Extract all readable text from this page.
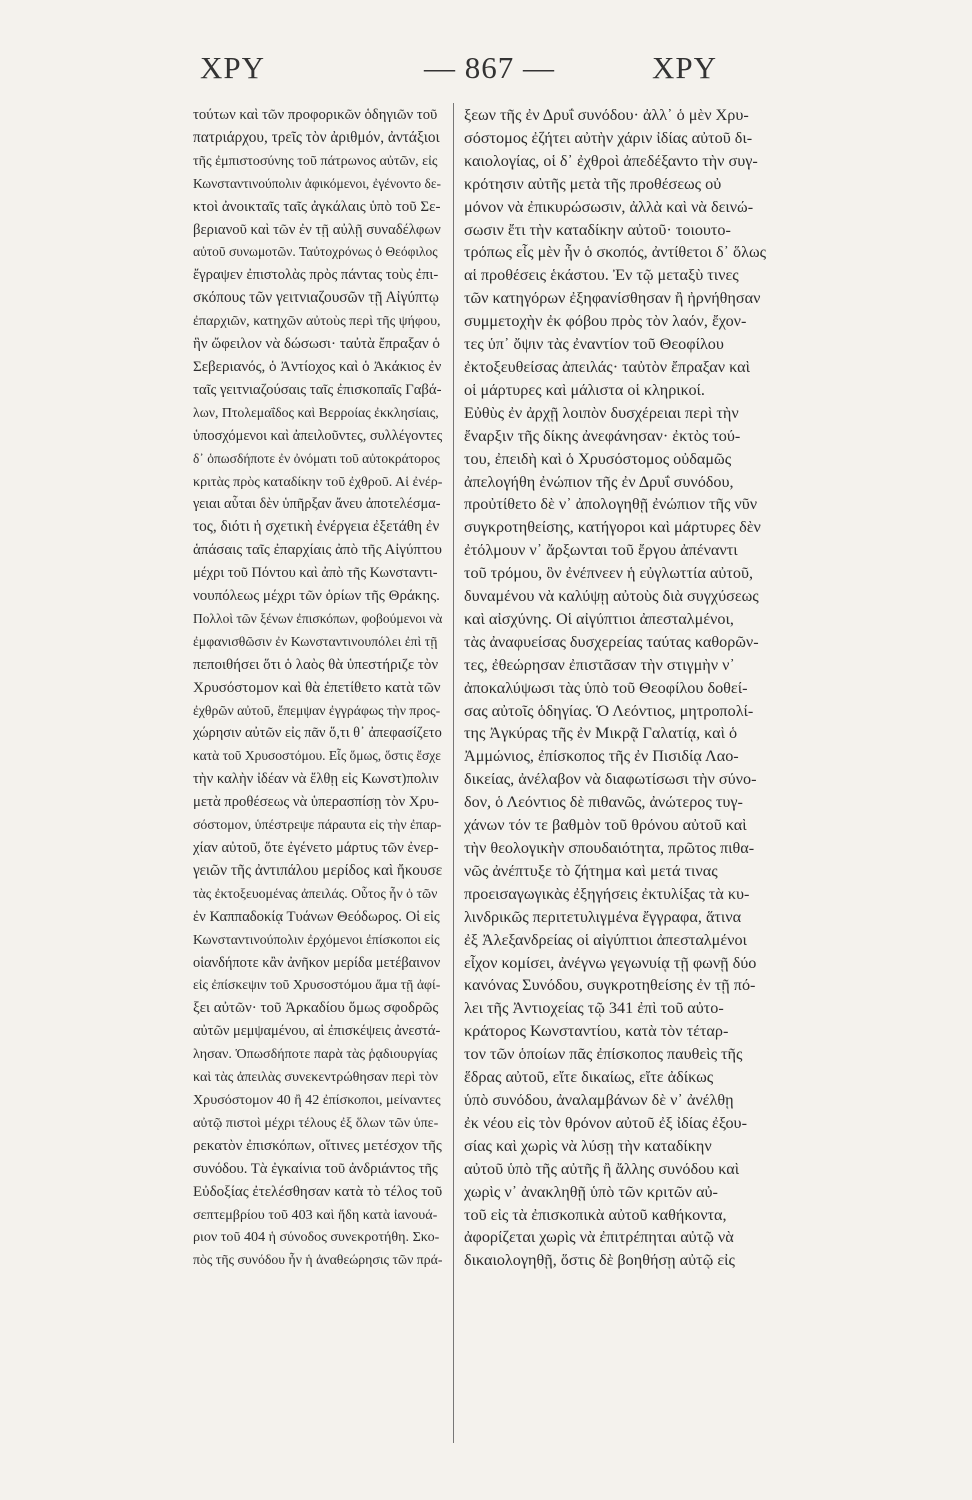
ΧΡΥ	— 867 —	ΧΡΥ
τούτων καὶ τῶν προφορικῶν ὁδηγιῶν τοῦ
πατριάρχου, τρεῖς τὸν ἀριθμόν, ἀντάξιοι
τῆς ἐμπιστοσύνης τοῦ πάτρωνος αὐτῶν, εἰς
Κωνσταντινούπολιν ἀφικόμενοι, ἐγένοντο δε-
κτοὶ ἀνοικταῖς ταῖς ἀγκάλαις ὑπὸ τοῦ Σε-
βεριανοῦ καὶ τῶν ἐν τῇ αὐλῇ συναδέλφων
αὐτοῦ συνωμοτῶν. Ταὐτοχρόνως ὁ Θεόφιλος
ἔγραψεν ἐπιστολὰς πρὸς πάντας τοὺς ἐπι-
σκόπους τῶν γειτνιαζουσῶν τῇ Αἰγύπτῳ
ἐπαρχιῶν, κατηχῶν αὐτοὺς περὶ τῆς ψήφου,
ἣν ὤφειλον νὰ δώσωσι· ταὐτὰ ἔπραξαν ὁ
Σεβεριανός, ὁ Ἀντίοχος καὶ ὁ Ἀκάκιος ἐν
ταῖς γειτνιαζούσαις ταῖς ἐπισκοπαῖς Γαβά-
λων, Πτολεμαΐδος καὶ Βερροίας ἐκκλησίαις,
ὑποσχόμενοι καὶ ἀπειλοῦντες, συλλέγοντες
δ᾽ ὁπωσδήποτε ἐν ὀνόματι τοῦ αὐτοκράτορος
κριτὰς πρὸς καταδίκην τοῦ ἐχθροῦ. Αἱ ἐνέρ-
γειαι αὗται δὲν ὑπῆρξαν ἄνευ ἀποτελέσμα-
τος, διότι ἡ σχετικὴ ἐνέργεια ἐξετάθη ἐν
ἁπάσαις ταῖς ἐπαρχίαις ἀπὸ τῆς Αἰγύπτου
μέχρι τοῦ Πόντου καὶ ἀπὸ τῆς Κωνσταντι-
νουπόλεως μέχρι τῶν ὁρίων τῆς Θράκης.
Πολλοὶ τῶν ξένων ἐπισκόπων, φοβούμενοι νὰ
ἐμφανισθῶσιν ἐν Κωνσταντινουπόλει ἐπὶ τῇ
πεποιθήσει ὅτι ὁ λαὸς θὰ ὑπεστήριζε τὸν
Χρυσόστομον καὶ θὰ ἐπετίθετο κατὰ τῶν
ἐχθρῶν αὐτοῦ, ἔπεμψαν ἐγγράφως τὴν προς-
χώρησιν αὐτῶν εἰς πᾶν ὅ,τι θ᾽ ἀπεφασίζετο
κατὰ τοῦ Χρυσοστόμου. Εἷς ὅμως, ὅστις ἔσχε
τὴν καλὴν ἰδέαν νὰ ἔλθῃ εἰς Κωνστ)πολιν
μετὰ προθέσεως νὰ ὑπερασπίσῃ τὸν Χρυ-
σόστομον, ὑπέστρεψε πάραυτα εἰς τὴν ἐπαρ-
χίαν αὐτοῦ, ὅτε ἐγένετο μάρτυς τῶν ἐνερ-
γειῶν τῆς ἀντιπάλου μερίδος καὶ ἤκουσε
τὰς ἐκτοξευομένας ἀπειλάς. Οὗτος ἦν ὁ τῶν
ἐν Καππαδοκίᾳ Τυάνων Θεόδωρος. Οἱ εἰς
Κωνσταντινούπολιν ἐρχόμενοι ἐπίσκοποι εἰς
οἱανδήποτε κἂν ἀνῆκον μερίδα μετέβαινον
εἰς ἐπίσκεψιν τοῦ Χρυσοστόμου ἅμα τῇ ἀφί-
ξει αὐτῶν· τοῦ Ἀρκαδίου ὅμως σφοδρῶς
αὐτῶν μεμψαμένου, αἱ ἐπισκέψεις ἀνεστά-
λησαν. Ὁπωσδήποτε παρὰ τὰς ῥᾳδιουργίας
καὶ τὰς ἀπειλὰς συνεκεντρώθησαν περὶ τὸν
Χρυσόστομον 40 ἢ 42 ἐπίσκοποι, μείναντες
αὐτῷ πιστοὶ μέχρι τέλους ἐξ ὅλων τῶν ὑπε-
ρεκατὸν ἐπισκόπων, οἵτινες μετέσχον τῆς
συνόδου. Τὰ ἐγκαίνια τοῦ ἀνδριάντος τῆς
Εὐδοξίας ἐτελέσθησαν κατὰ τὸ τέλος τοῦ
σεπτεμβρίου τοῦ 403 καὶ ἤδη κατὰ ἰανουά-
ριον τοῦ 404 ἡ σύνοδος συνεκροτήθη. Σκο-
πὸς τῆς συνόδου ἦν ἡ ἀναθεώρησις τῶν πρά-
ξεων τῆς ἐν Δρυΐ συνόδου· ἀλλ᾽ ὁ μὲν Χρυ-
σόστομος ἐζήτει αὐτὴν χάριν ἰδίας αὐτοῦ δι-
καιολογίας, οἱ δ᾽ ἐχθροὶ ἀπεδέξαντο τὴν συγ-
κρότησιν αὐτῆς μετὰ τῆς προθέσεως οὐ
μόνον νὰ ἐπικυρώσωσιν, ἀλλὰ καὶ νὰ δεινώ-
σωσιν ἔτι τὴν καταδίκην αὐτοῦ· τοιουτο-
τρόπως εἷς μὲν ἦν ὁ σκοπός, ἀντίθετοι δ᾽ ὅλως
αἱ προθέσεις ἑκάστου. Ἐν τῷ μεταξὺ τινες
τῶν κατηγόρων ἐξηφανίσθησαν ἢ ἠρνήθησαν
συμμετοχὴν ἐκ φόβου πρὸς τὸν λαόν, ἔχον-
τες ὑπ᾽ ὄψιν τὰς ἐναντίον τοῦ Θεοφίλου
ἐκτοξευθείσας ἀπειλάς· ταὐτὸν ἔπραξαν καὶ
οἱ μάρτυρες καὶ μάλιστα οἱ κληρικοί.
Εὐθὺς ἐν ἀρχῇ λοιπὸν δυσχέρειαι περὶ τὴν
ἔναρξιν τῆς δίκης ἀνεφάνησαν· ἐκτὸς τού-
του, ἐπειδὴ καὶ ὁ Χρυσόστομος οὐδαμῶς
ἀπελογήθη ἐνώπιον τῆς ἐν Δρυΐ συνόδου,
προὐτίθετο δὲ ν᾽ ἀπολογηθῇ ἐνώπιον τῆς νῦν
συγκροτηθείσης, κατήγοροι καὶ μάρτυρες δὲν
ἐτόλμουν ν᾽ ἄρξωνται τοῦ ἔργου ἀπέναντι
τοῦ τρόμου, ὃν ἐνέπνεεν ἡ εὐγλωττία αὐτοῦ,
δυναμένου νὰ καλύψῃ αὐτοὺς διὰ συγχύσεως
καὶ αἰσχύνης. Οἱ αἰγύπτιοι ἀπεσταλμένοι,
τὰς ἀναφυείσας δυσχερείας ταύτας καθορῶν-
τες, ἐθεώρησαν ἐπιστᾶσαν τὴν στιγμὴν ν᾽
ἀποκαλύψωσι τὰς ὑπὸ τοῦ Θεοφίλου δοθεί-
σας αὐτοῖς ὁδηγίας. Ὁ Λεόντιος, μητροπολί-
της Ἀγκύρας τῆς ἐν Μικρᾷ Γαλατίᾳ, καὶ ὁ
Ἀμμώνιος, ἐπίσκοπος τῆς ἐν Πισιδίᾳ Λαο-
δικείας, ἀνέλαβον νὰ διαφωτίσωσι τὴν σύνο-
δον, ὁ Λεόντιος δὲ πιθανῶς, ἀνώτερος τυγ-
χάνων τόν τε βαθμὸν τοῦ θρόνου αὐτοῦ καὶ
τὴν θεολογικὴν σπουδαιότητα, πρῶτος πιθα-
νῶς ἀνέπτυξε τὸ ζήτημα καὶ μετά τινας
προεισαγωγικὰς ἐξηγήσεις ἐκτυλίξας τὰ κυ-
λινδρικῶς περιτετυλιγμένα ἔγγραφα, ἅτινα
ἐξ Ἀλεξανδρείας οἱ αἰγύπτιοι ἀπεσταλμένοι
εἶχον κομίσει, ἀνέγνω γεγωνυίᾳ τῇ φωνῇ δύο
κανόνας Συνόδου, συγκροτηθείσης ἐν τῇ πό-
λει τῆς Ἀντιοχείας τῷ 341 ἐπὶ τοῦ αὐτο-
κράτορος Κωνσταντίου, κατὰ τὸν τέταρ-
τον τῶν ὁποίων πᾶς ἐπίσκοπος παυθεὶς τῆς
ἕδρας αὐτοῦ, εἴτε δικαίως, εἴτε ἀδίκως
ὑπὸ συνόδου, ἀναλαμβάνων δὲ ν᾽ ἀνέλθῃ
ἐκ νέου εἰς τὸν θρόνον αὐτοῦ ἐξ ἰδίας ἐξου-
σίας καὶ χωρὶς νὰ λύσῃ τὴν καταδίκην
αὐτοῦ ὑπὸ τῆς αὐτῆς ἢ ἄλλης συνόδου καὶ
χωρὶς ν᾽ ἀνακληθῇ ὑπὸ τῶν κριτῶν αὐ-
τοῦ εἰς τὰ ἐπισκοπικὰ αὐτοῦ καθήκοντα,
ἀφορίζεται χωρὶς νὰ ἐπιτρέπηται αὐτῷ νὰ
δικαιολογηθῇ, ὅστις δὲ βοηθήσῃ αὐτῷ εἰς
